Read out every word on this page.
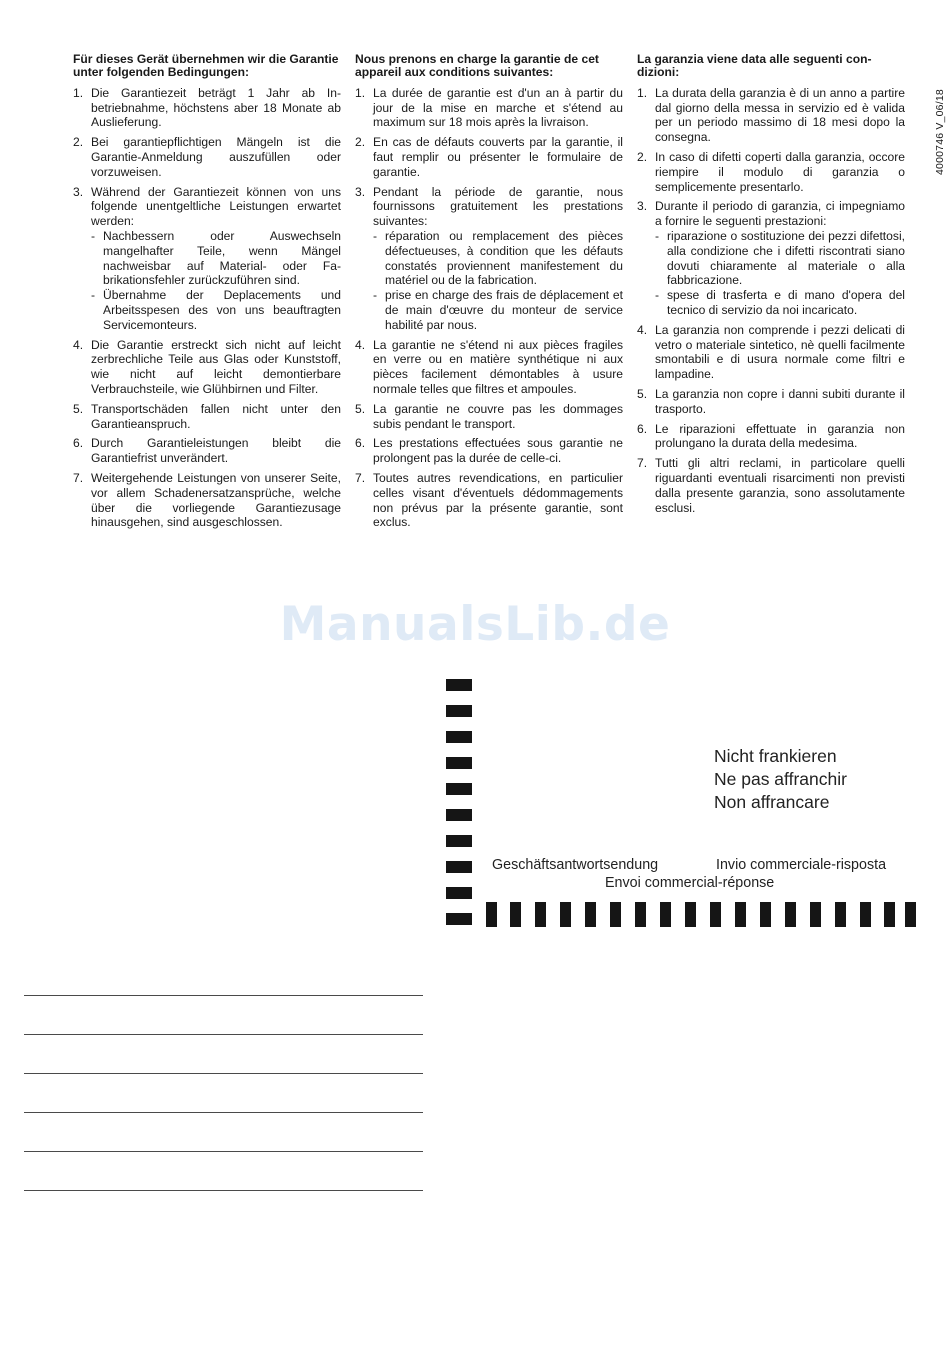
4000746 V_06/18
Für dieses Gerät übernehmen wir die Garantie unter folgenden Bedingungen:
1. Die Garantiezeit beträgt 1 Jahr ab Inbetriebnahme, höchstens aber 18 Monate ab Auslieferung.
2. Bei garantiepflichtigen Mängeln ist die Garantie-Anmeldung auszufüllen oder vorzuweisen.
3. Während der Garantiezeit können von uns folgende unentgeltliche Leistungen erwartet werden:
- Nachbessern oder Auswechseln mangelhafter Teile, wenn Mängel nachweisbar auf Material- oder Fabrikationsfehler zurückzuführen sind.
- Übernahme der Deplacements und Arbeitsspesen des von uns beauftragten Servicemonteurs.
4. Die Garantie erstreckt sich nicht auf leicht zerbrechliche Teile aus Glas oder Kunststoff, wie nicht auf leicht demontierbare Verbrauchsteile, wie Glühbirnen und Filter.
5. Transportschäden fallen nicht unter den Garantieanspruch.
6. Durch Garantieleistungen bleibt die Garantiefrist unverändert.
7. Weitergehende Leistungen von unserer Seite, vor allem Schadenersatzansprüche, welche über die vorliegende Garantiezusage hinausgehen, sind ausgeschlossen.
Nous prenons en charge la garantie de cet appareil aux conditions suivantes:
1. La durée de garantie est d'un an à partir du jour de la mise en marche et s'étend au maximum sur 18 mois après la livraison.
2. En cas de défauts couverts par la garantie, il faut remplir ou présenter le formulaire de garantie.
3. Pendant la période de garantie, nous fournissons gratuitement les prestations suivantes:
- réparation ou remplacement des pièces défectueuses, à condition que les défauts constatés proviennent manifestement du matériel ou de la fabrication.
- prise en charge des frais de déplacement et de main d'œuvre du monteur de service habilité par nous.
4. La garantie ne s'étend ni aux pièces fragiles en verre ou en matière synthétique ni aux pièces facilement démontables à usure normale telles que filtres et ampoules.
5. La garantie ne couvre pas les dommages subis pendant le transport.
6. Les prestations effectuées sous garantie ne prolongent pas la durée de celle-ci.
7. Toutes autres revendications, en particulier celles visant d'éventuels dédommagements non prévus par la présente garantie, sont exclus.
La garanzia viene data alle seguenti condizioni:
1. La durata della garanzia è di un anno a partire dal giorno della messa in servizio ed è valida per un periodo massimo di 18 mesi dopo la consegna.
2. In caso di difetti coperti dalla garanzia, occore riempire il modulo di garanzia o semplicemente presentarlo.
3. Durante il periodo di garanzia, ci impegniamo a fornire le seguenti prestazioni:
- riparazione o sostituzione dei pezzi difettosi, alla condizione che i difetti riscontrati siano dovuti chiaramente al materiale o alla fabbricazione.
- spese di trasferta e di mano d'opera del tecnico di servizio da noi incaricato.
4. La garanzia non comprende i pezzi delicati di vetro o materiale sintetico, nè quelli facilmente smontabili e di usura normale come filtri e lampadine.
5. La garanzia non copre i danni subiti durante il trasporto.
6. Le riparazioni effettuate in garanzia non prolungano la durata della medesima.
7. Tutti gli altri reclami, in particolare quelli riguardanti eventuali risarcimenti non previsti dalla presente garanzia, sono assolutamente esclusi.
ManualsLib.de
Nicht frankieren
Ne pas affranchir
Non affrancare
Geschäftsantwortsendung	Invio commerciale-risposta
Envoi commercial-réponse
